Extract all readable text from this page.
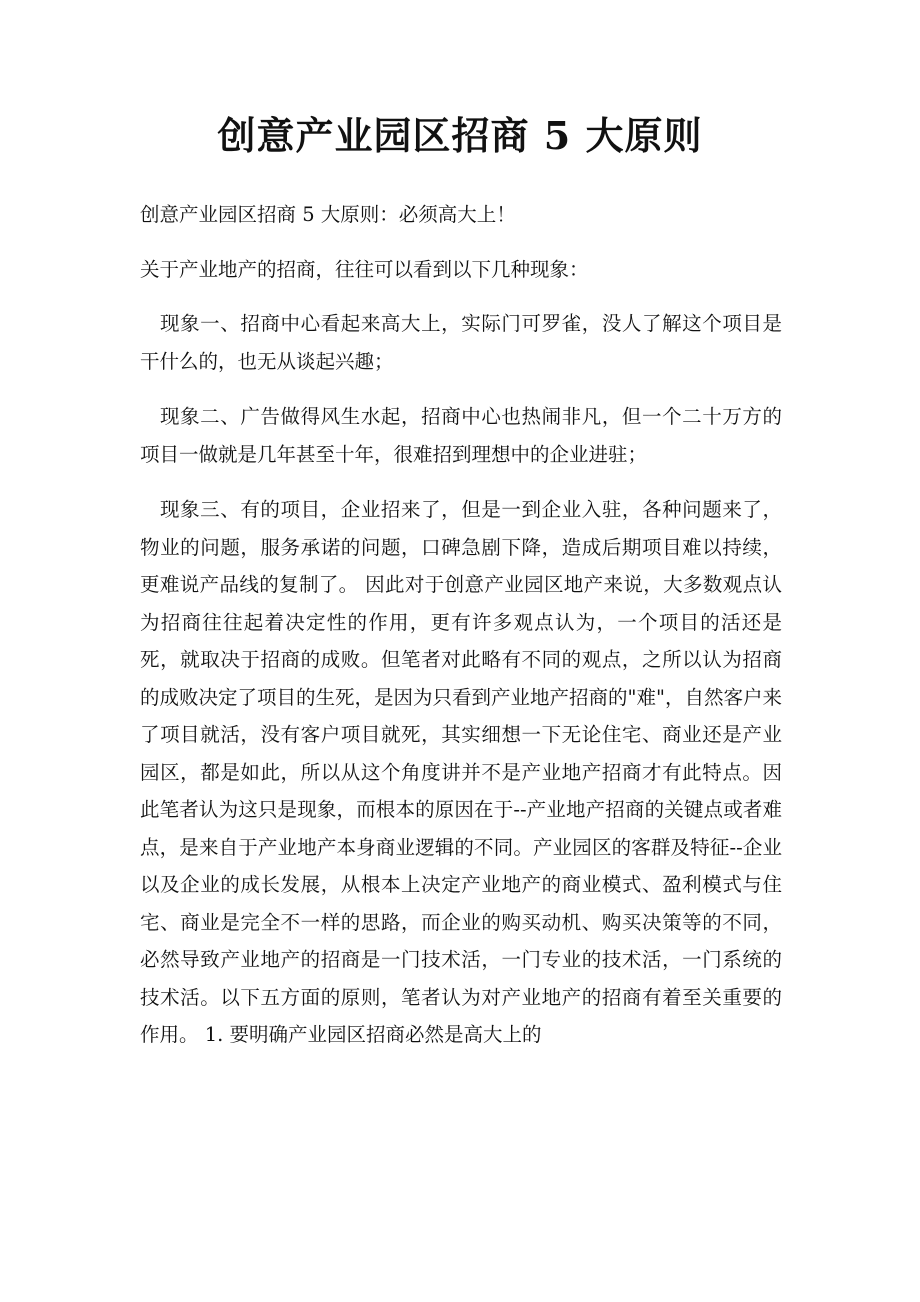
创意产业园区招商 5 大原则

创意产业园区招商 5 大原则：必须高大上！

关于产业地产的招商，往往可以看到以下几种现象：

现象一、招商中心看起来高大上，实际门可罗雀，没人了解这个项目是干什么的，也无从谈起兴趣；

现象二、广告做得风生水起，招商中心也热闹非凡，但一个二十万方的项目一做就是几年甚至十年，很难招到理想中的企业进驻；

现象三、有的项目，企业招来了，但是一到企业入驻，各种问题来了，物业的问题，服务承诺的问题，口碑急剧下降，造成后期项目难以持续，更难说产品线的复制了。 因此对于创意产业园区地产来说，大多数观点认为招商往往起着决定性的作用，更有许多观点认为，一个项目的活还是死，就取决于招商的成败。但笔者对此略有不同的观点，之所以认为招商的成败决定了项目的生死，是因为只看到产业地产招商的"难"，自然客户来了项目就活，没有客户项目就死，其实细想一下无论住宅、商业还是产业园区，都是如此，所以从这个角度讲并不是产业地产招商才有此特点。因此笔者认为这只是现象，而根本的原因在于--产业地产招商的关键点或者难点，是来自于产业地产本身商业逻辑的不同。产业园区的客群及特征--企业以及企业的成长发展，从根本上决定产业地产的商业模式、盈利模式与住宅、商业是完全不一样的思路，而企业的购买动机、购买决策等的不同，必然导致产业地产的招商是一门技术活，一门专业的技术活，一门系统的技术活。以下五方面的原则，笔者认为对产业地产的招商有着至关重要的作用。 1. 要明确产业园区招商必然是高大上的
